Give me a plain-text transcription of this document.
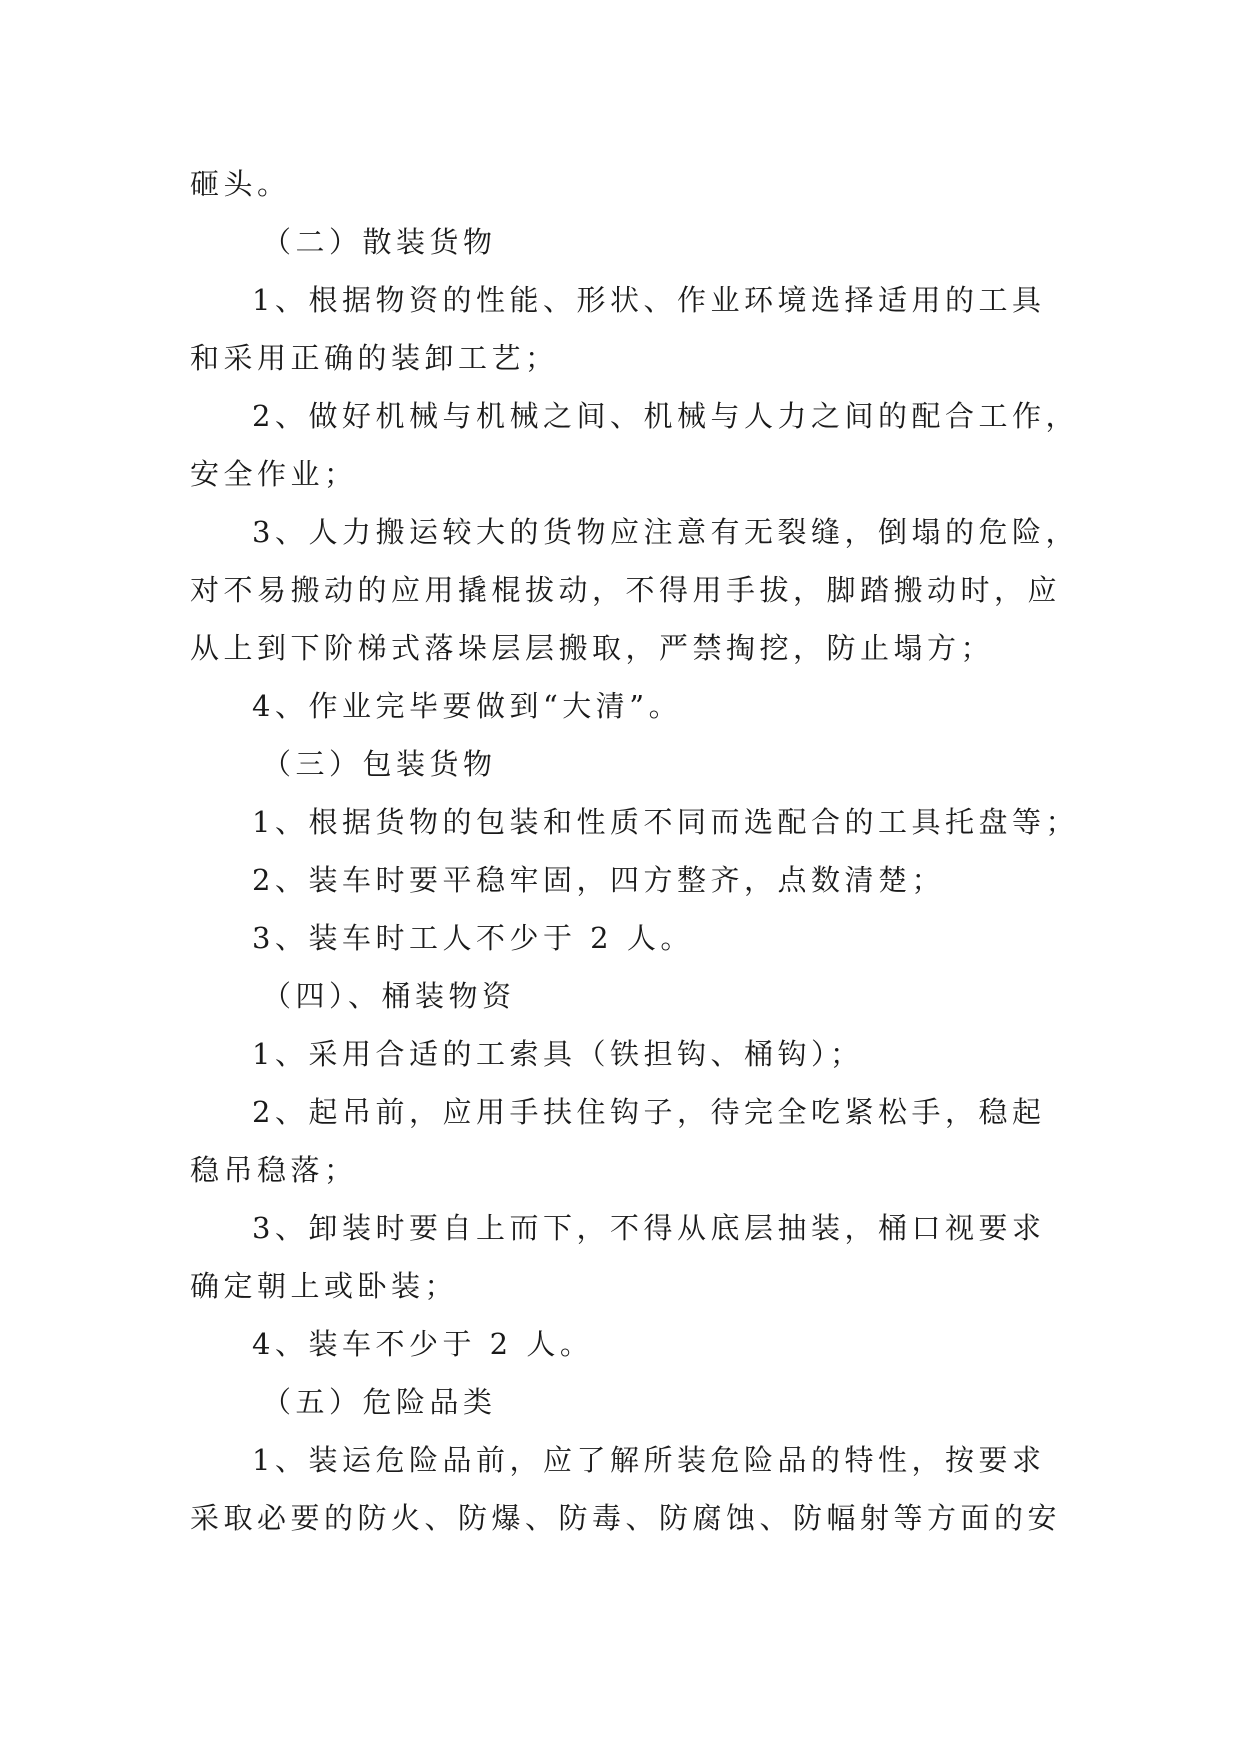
砸头。

（二）散装货物

1、根据物资的性能、形状、作业环境选择适用的工具

和采用正确的装卸工艺；

2、做好机械与机械之间、机械与人力之间的配合工作，

安全作业；

3、人力搬运较大的货物应注意有无裂缝，倒塌的危险，

对不易搬动的应用撬棍拔动，不得用手拔，脚踏搬动时，应

从上到下阶梯式落垛层层搬取，严禁掏挖，防止塌方；

4、作业完毕要做到“大清”。

（三）包装货物

1、根据货物的包装和性质不同而选配合的工具托盘等；

2、装车时要平稳牢固，四方整齐，点数清楚；

3、装车时工人不少于 2 人。

（四）、桶装物资

1、采用合适的工索具（铁担钩、桶钩）；

2、起吊前，应用手扶住钩子，待完全吃紧松手，稳起

稳吊稳落；

3、卸装时要自上而下，不得从底层抽装，桶口视要求

确定朝上或卧装；

4、装车不少于 2 人。

（五）危险品类

1、装运危险品前，应了解所装危险品的特性，按要求

采取必要的防火、防爆、防毒、防腐蚀、防幅射等方面的安
